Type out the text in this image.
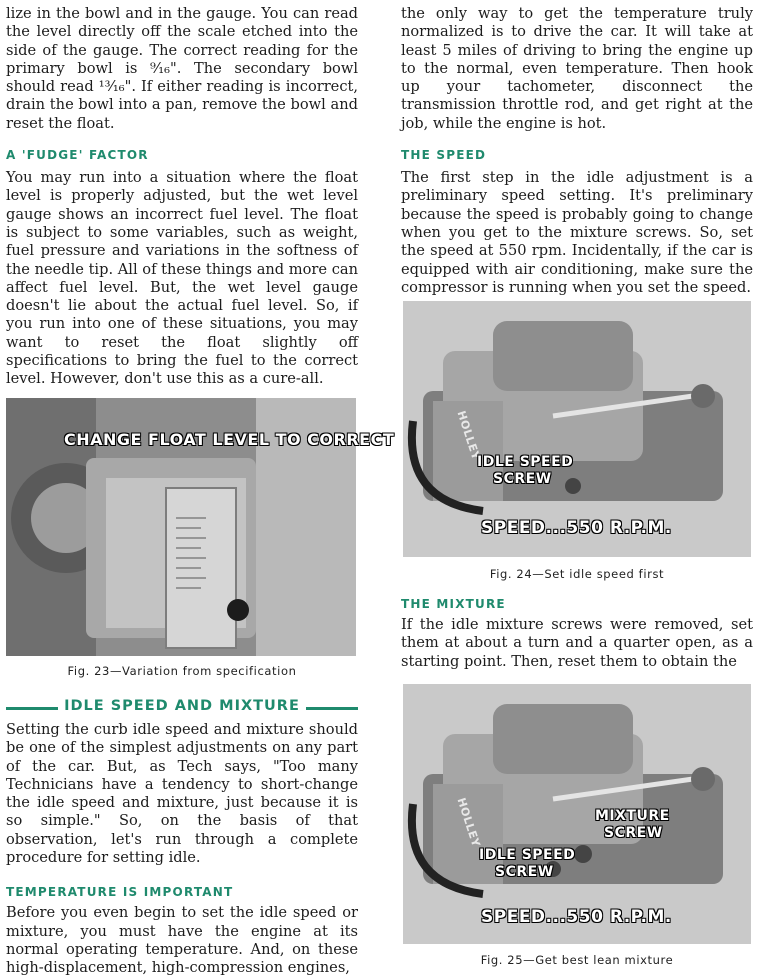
lize in the bowl and in the gauge. You can read the level directly off the scale etched into the side of the gauge. The correct reading for the primary bowl is ⁹⁄₁₆". The secondary bowl should read ¹³⁄₁₆". If either reading is incorrect, drain the bowl into a pan, remove the bowl and reset the float.

A 'FUDGE' FACTOR

You may run into a situation where the float level is properly adjusted, but the wet level gauge shows an incorrect fuel level. The float is subject to some variables, such as weight, fuel pressure and variations in the softness of the needle tip. All of these things and more can affect fuel level. But, the wet level gauge doesn't lie about the actual fuel level. So, if you run into one of these situations, you may want to reset the float slightly off specifications to bring the fuel to the correct level. However, don't use this as a cure-all.

CHANGE FLOAT LEVEL TO CORRECT
Fig. 23—Variation from specification
IDLE SPEED AND MIXTURE

Setting the curb idle speed and mixture should be one of the simplest adjustments on any part of the car. But, as Tech says, "Too many Technicians have a tendency to short-change the idle speed and mixture, just because it is so simple." So, on the basis of that observation, let's run through a complete procedure for setting idle.

TEMPERATURE IS IMPORTANT

Before you even begin to set the idle speed or mixture, you must have the engine at its normal operating temperature. And, on these high-displacement, high-compression engines,

the only way to get the temperature truly normalized is to drive the car. It will take at least 5 miles of driving to bring the engine up to the normal, even temperature. Then hook up your tachometer, disconnect the transmission throttle rod, and get right at the job, while the engine is hot.

THE SPEED

The first step in the idle adjustment is a preliminary speed setting. It's preliminary because the speed is probably going to change when you get to the mixture screws. So, set the speed at 550 rpm. Incidentally, if the car is equipped with air conditioning, make sure the compressor is running when you set the speed.

HOLLEY
IDLE SPEED
SCREW
SPEED...550 R.P.M.
Fig. 24—Set idle speed first
THE MIXTURE

If the idle mixture screws were removed, set them at about a turn and a quarter open, as a starting point. Then, reset them to obtain the

HOLLEY	MIXTURE
SCREW
IDLE SPEED
SCREW
SPEED...550 R.P.M.
Fig. 25—Get best lean mixture
